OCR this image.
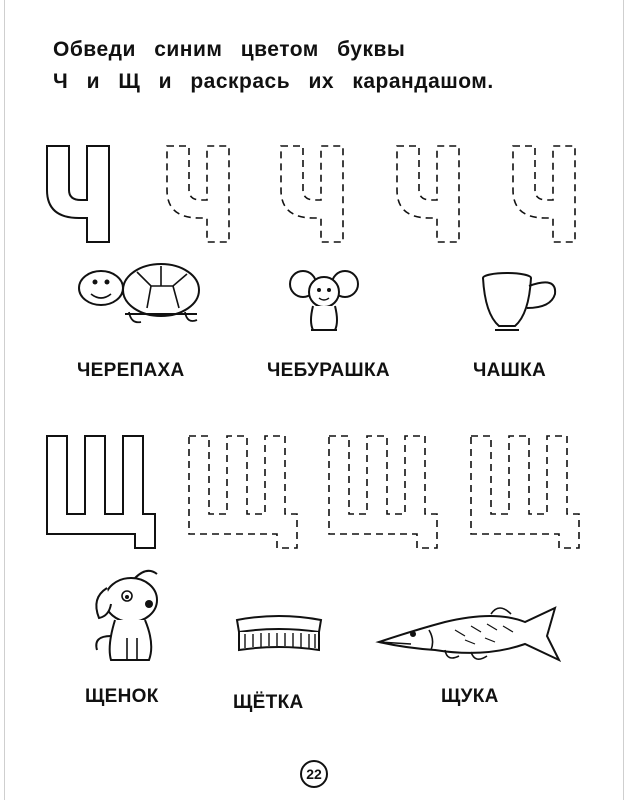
Обведи синим цветом буквы
Ч и Щ и раскрась их карандашом.
ЧЕРЕПАХА	ЧЕБУРАШКА	ЧАШКА
ЩЕНОК	ЩЁТКА	ЩУКА
22
